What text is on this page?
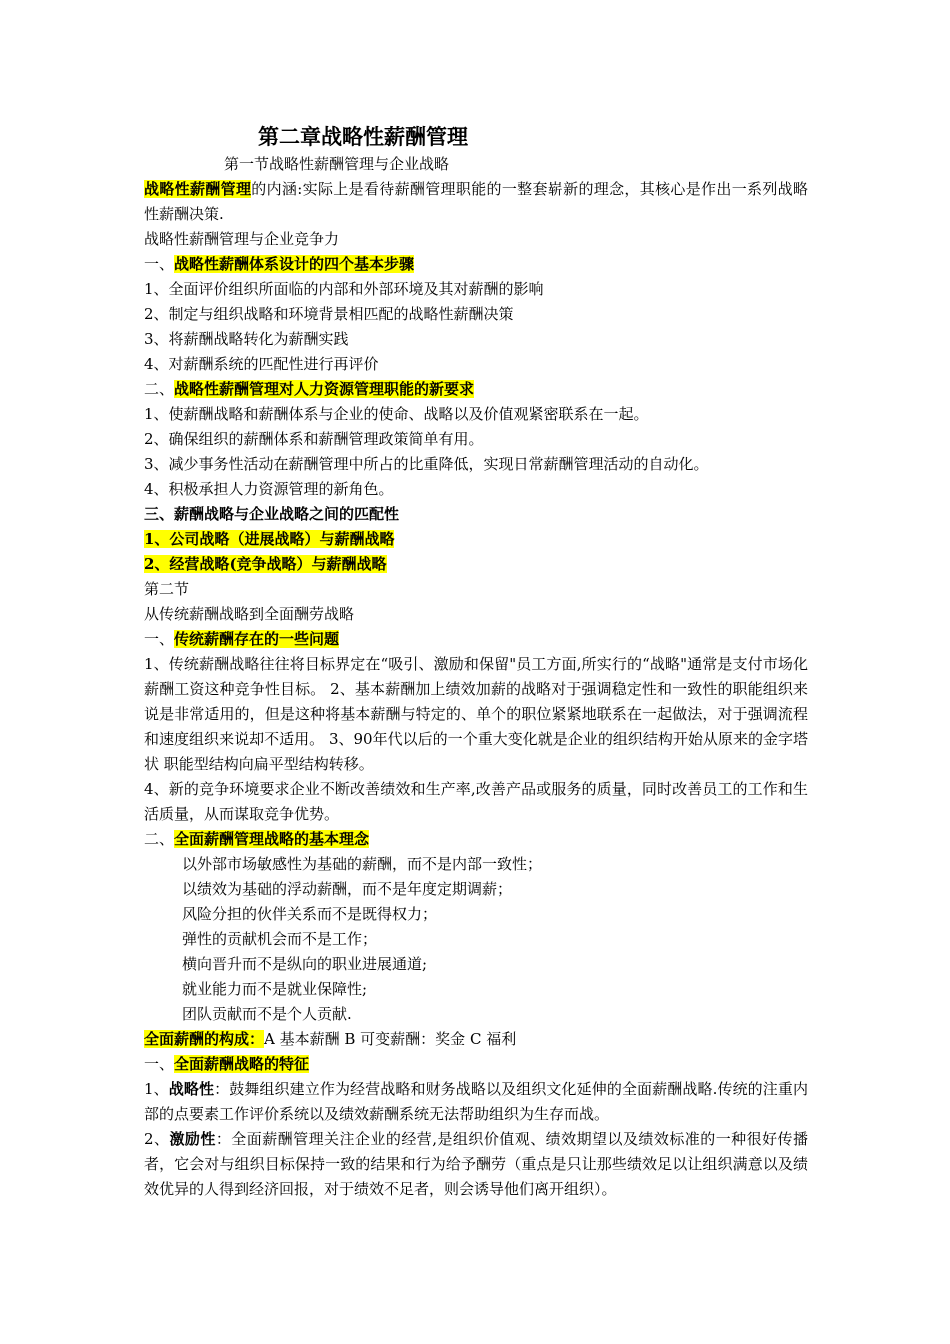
第二章战略性薪酬管理

第一节战略性薪酬管理与企业战略

战略性薪酬管理的内涵:实际上是看待薪酬管理职能的一整套崭新的理念，其核心是作出一系列战略性薪酬决策.

战略性薪酬管理与企业竞争力

一、战略性薪酬体系设计的四个基本步骤

1、全面评价组织所面临的内部和外部环境及其对薪酬的影响

2、制定与组织战略和环境背景相匹配的战略性薪酬决策

3、将薪酬战略转化为薪酬实践

4、对薪酬系统的匹配性进行再评价

二、战略性薪酬管理对人力资源管理职能的新要求

1、使薪酬战略和薪酬体系与企业的使命、战略以及价值观紧密联系在一起。

2、确保组织的薪酬体系和薪酬管理政策简单有用。

3、减少事务性活动在薪酬管理中所占的比重降低，实现日常薪酬管理活动的自动化。

4、积极承担人力资源管理的新角色。

三、薪酬战略与企业战略之间的匹配性

1、公司战略（进展战略）与薪酬战略

2、经营战略(竞争战略）与薪酬战略

第二节

从传统薪酬战略到全面酬劳战略

一、传统薪酬存在的一些问题

1、传统薪酬战略往往将目标界定在“吸引、激励和保留"员工方面,所实行的“战略"通常是支付市场化薪酬工资这种竞争性目标。 2、基本薪酬加上绩效加薪的战略对于强调稳定性和一致性的职能组织来说是非常适用的，但是这种将基本薪酬与特定的、单个的职位紧紧地联系在一起做法，对于强调流程和速度组织来说却不适用。 3、90年代以后的一个重大变化就是企业的组织结构开始从原来的金字塔状 职能型结构向扁平型结构转移。

4、新的竞争环境要求企业不断改善绩效和生产率,改善产品或服务的质量，同时改善员工的工作和生活质量，从而谋取竞争优势。

二、全面薪酬管理战略的基本理念

以外部市场敏感性为基础的薪酬，而不是内部一致性；

以绩效为基础的浮动薪酬，而不是年度定期调薪；

风险分担的伙伴关系而不是既得权力；

弹性的贡献机会而不是工作；

横向晋升而不是纵向的职业进展通道;

就业能力而不是就业保障性;

团队贡献而不是个人贡献.

全面薪酬的构成：A 基本薪酬 B 可变薪酬：奖金 C 福利

一、全面薪酬战略的特征

1、战略性：鼓舞组织建立作为经营战略和财务战略以及组织文化延伸的全面薪酬战略.传统的注重内部的点要素工作评价系统以及绩效薪酬系统无法帮助组织为生存而战。

2、激励性：全面薪酬管理关注企业的经营,是组织价值观、绩效期望以及绩效标准的一种很好传播者，它会对与组织目标保持一致的结果和行为给予酬劳（重点是只让那些绩效足以让组织满意以及绩效优异的人得到经济回报，对于绩效不足者，则会诱导他们离开组织）。
